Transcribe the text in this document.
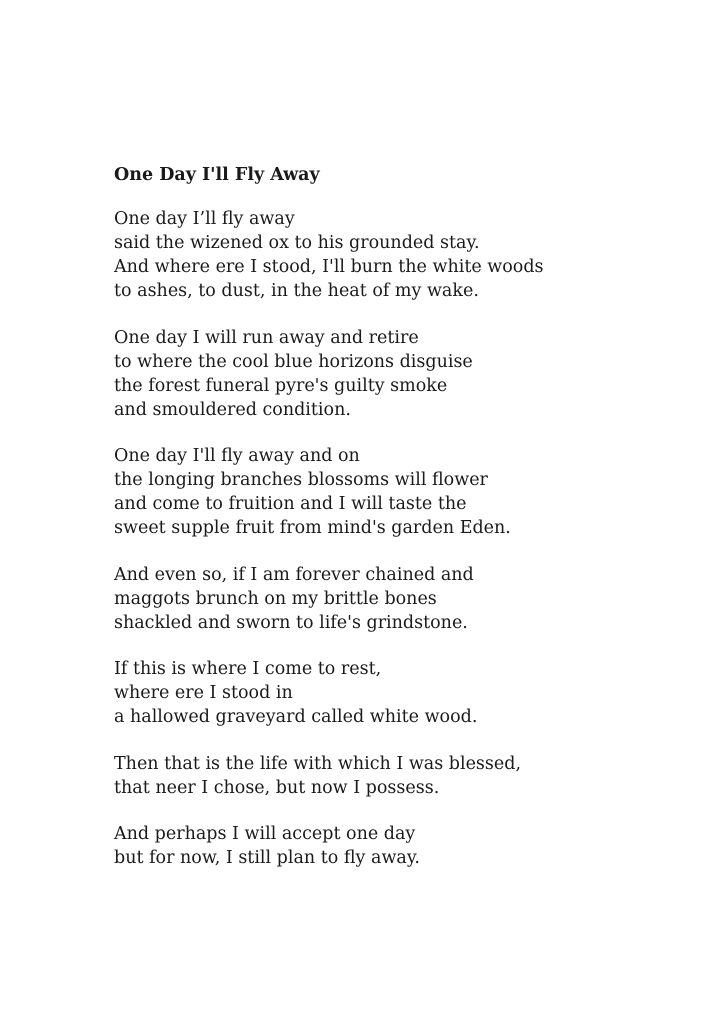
One Day I'll Fly Away
One day I’ll fly away
said the wizened ox to his grounded stay.
And where ere I stood, I'll burn the white woods
to ashes, to dust, in the heat of my wake.
One day I will run away and retire
to where the cool blue horizons disguise
the forest funeral pyre's guilty smoke
and smouldered condition.
One day I'll fly away and on
the longing branches blossoms will flower
and come to fruition and I will taste the
sweet supple fruit from mind's garden Eden.
And even so, if I am forever chained and
maggots brunch on my brittle bones
shackled and sworn to life's grindstone.
If this is where I come to rest,
where ere I stood in
a hallowed graveyard called white wood.
Then that is the life with which I was blessed,
that neer I chose, but now I possess.
And perhaps I will accept one day
but for now, I still plan to fly away.
